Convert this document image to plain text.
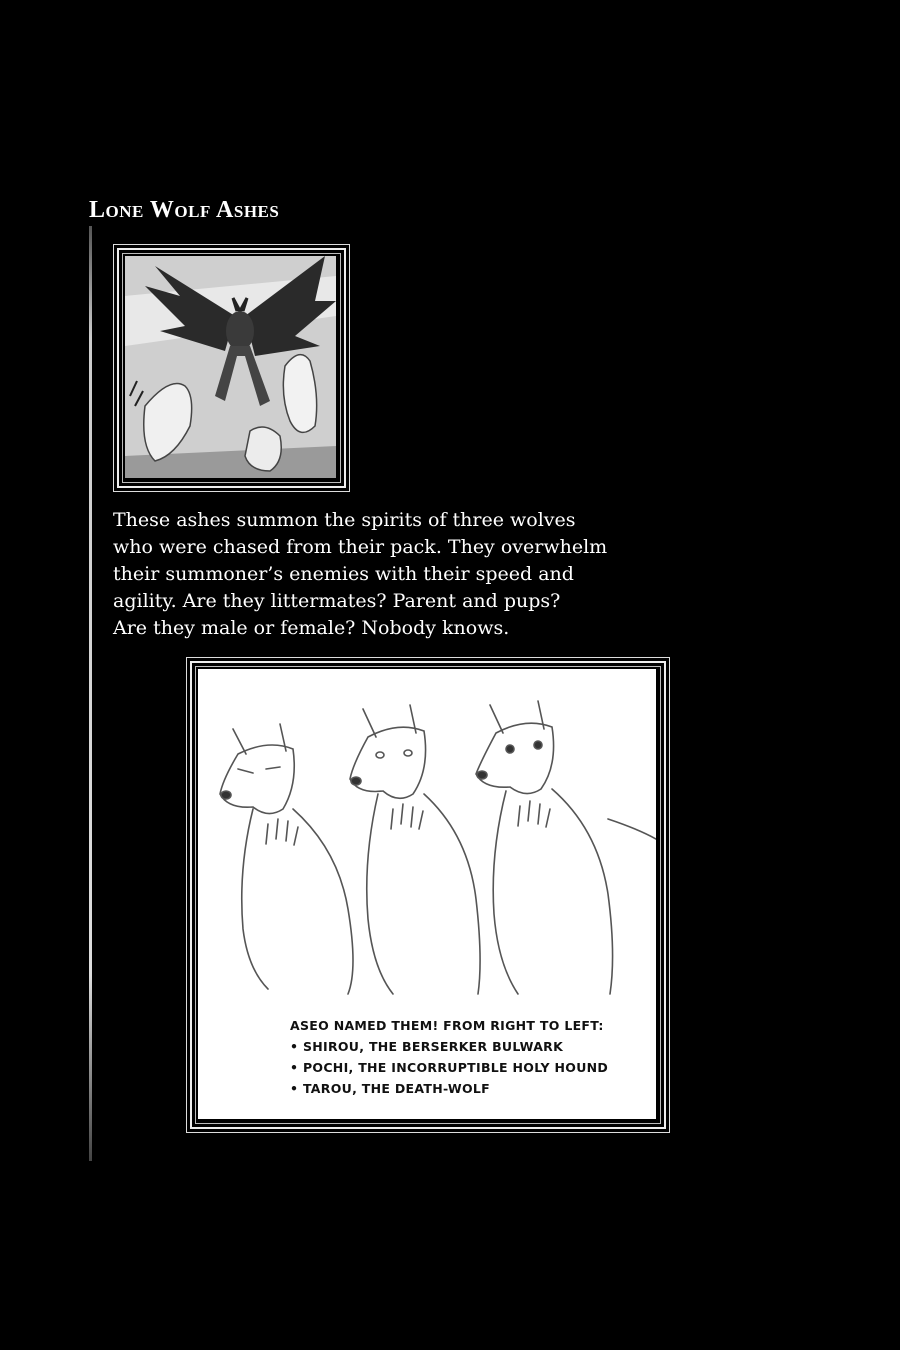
Lone Wolf Ashes
These ashes summon the spirits of three wolves
who were chased from their pack. They overwhelm
their summoner’s enemies with their speed and
agility. Are they littermates? Parent and pups?
Are they male or female? Nobody knows.
ASEO NAMED THEM! FROM RIGHT TO LEFT:
• SHIROU, THE BERSERKER BULWARK
• POCHI, THE INCORRUPTIBLE HOLY HOUND
• TAROU, THE DEATH-WOLF
